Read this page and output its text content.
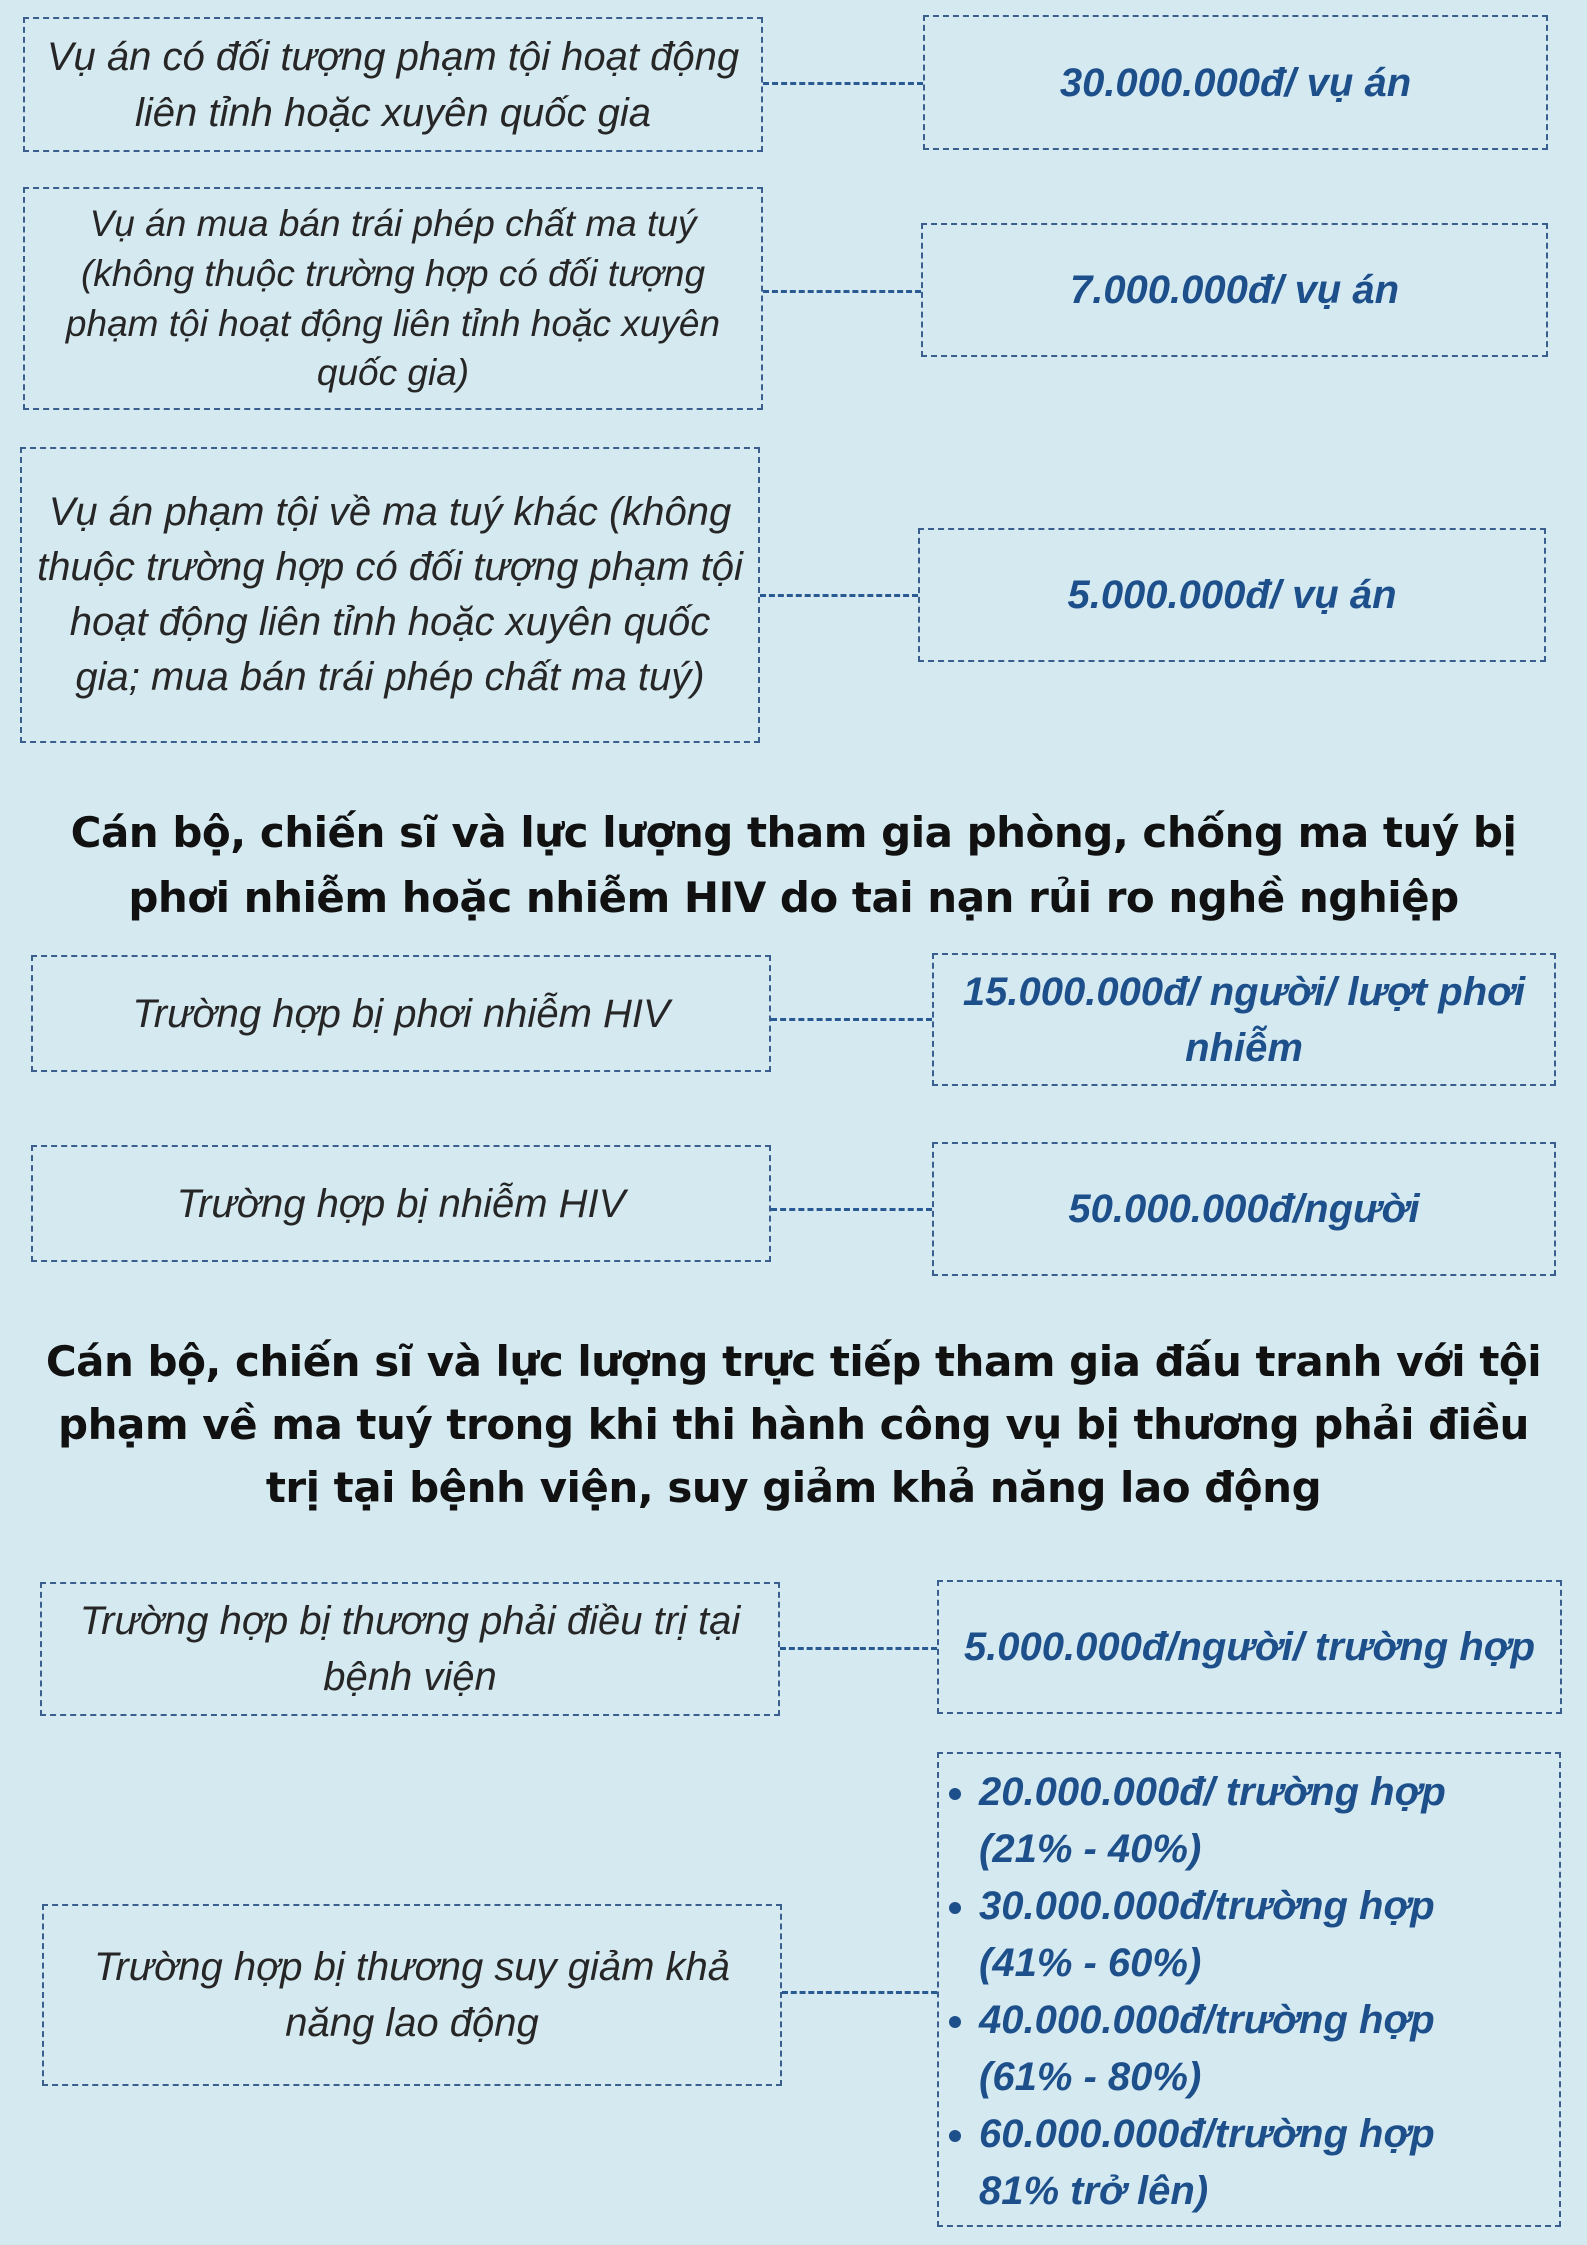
Vụ án có đối tượng phạm tội hoạt động liên tỉnh hoặc xuyên quốc gia
30.000.000đ/ vụ án
Vụ án mua bán trái phép chất ma tuý (không thuộc trường hợp có đối tượng phạm tội hoạt động liên tỉnh hoặc xuyên quốc gia)
7.000.000đ/ vụ án
Vụ án phạm tội về ma tuý khác (không thuộc trường hợp có đối tượng phạm tội hoạt động liên tỉnh hoặc xuyên quốc gia; mua bán trái phép chất ma tuý)
5.000.000đ/ vụ án
Cán bộ, chiến sĩ và lực lượng tham gia phòng, chống ma tuý bị phơi nhiễm hoặc nhiễm HIV do tai nạn rủi ro nghề nghiệp
Trường hợp bị phơi nhiễm HIV	15.000.000đ/ người/ lượt phơi nhiễm
Trường hợp bị nhiễm HIV	50.000.000đ/người
Cán bộ, chiến sĩ và lực lượng trực tiếp tham gia đấu tranh với tội phạm về ma tuý trong khi thi hành công vụ bị thương phải điều trị tại bệnh viện, suy giảm khả năng lao động
Trường hợp bị thương phải điều trị tại bệnh viện
5.000.000đ/người/ trường hợp
Trường hợp bị thương suy giảm khả năng lao động
• 20.000.000đ/ trường hợp
(21% - 40%)
• 30.000.000đ/trường hợp
(41% - 60%)
• 40.000.000đ/trường hợp
(61% - 80%)
• 60.000.000đ/trường hợp
81% trở lên)
